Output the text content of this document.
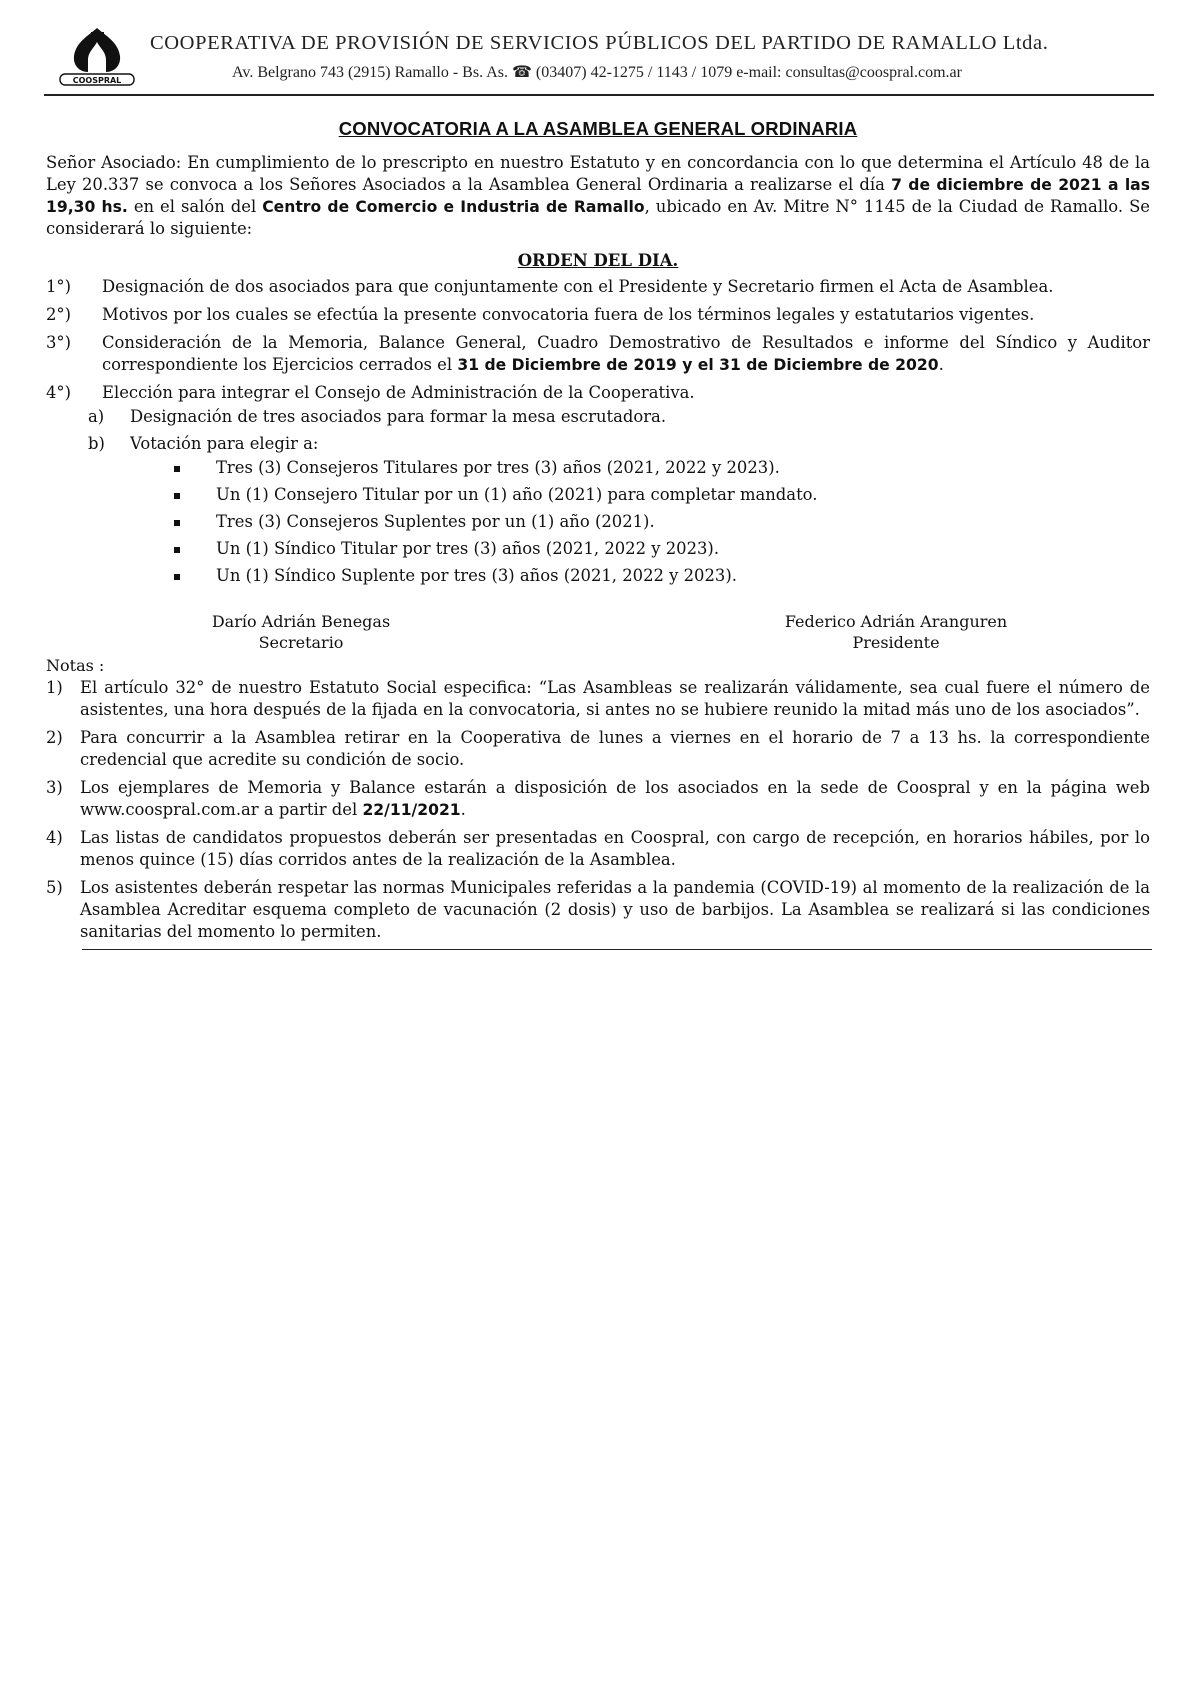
COOSPRAL
COOPERATIVA DE PROVISIÓN DE SERVICIOS PÚBLICOS DEL PARTIDO DE RAMALLO Ltda.
Av. Belgrano 743 (2915) Ramallo - Bs. As. ☎ (03407) 42-1275 / 1143 / 1079 e-mail: consultas@coospral.com.ar
CONVOCATORIA A LA ASAMBLEA GENERAL ORDINARIA

Señor Asociado: En cumplimiento de lo prescripto en nuestro Estatuto y en concordancia con lo que determina el Artículo 48 de la Ley 20.337 se convoca a los Señores Asociados a la Asamblea General Ordinaria a realizarse el día 7 de diciembre de 2021 a las 19,30 hs. en el salón del Centro de Comercio e Industria de Ramallo, ubicado en Av. Mitre N° 1145 de la Ciudad de Ramallo. Se considerará lo siguiente:

ORDEN DEL DIA.
1°) Designación de dos asociados para que conjuntamente con el Presidente y Secretario firmen el Acta de Asamblea.
2°) Motivos por los cuales se efectúa la presente convocatoria fuera de los términos legales y estatutarios vigentes.
3°) Consideración de la Memoria, Balance General, Cuadro Demostrativo de Resultados e informe del Síndico y Auditor correspondiente los Ejercicios cerrados el 31 de Diciembre de 2019 y el 31 de Diciembre de 2020.
4°) Elección para integrar el Consejo de Administración de la Cooperativa.
a) Designación de tres asociados para formar la mesa escrutadora.
b) Votación para elegir a:
Tres (3) Consejeros Titulares por tres (3) años (2021, 2022 y 2023).
Un (1) Consejero Titular por un (1) año (2021) para completar mandato.
Tres (3) Consejeros Suplentes por un (1) año (2021).
Un (1) Síndico Titular por tres (3) años (2021, 2022 y 2023).
Un (1) Síndico Suplente por tres (3) años (2021, 2022 y 2023).
Darío Adrián Benegas
Secretario
Federico Adrián Aranguren
Presidente

Notas :

1) El artículo 32° de nuestro Estatuto Social especifica: “Las Asambleas se realizarán válidamente, sea cual fuere el número de asistentes, una hora después de la fijada en la convocatoria, si antes no se hubiere reunido la mitad más uno de los asociados”.
2) Para concurrir a la Asamblea retirar en la Cooperativa de lunes a viernes en el horario de 7 a 13 hs. la correspondiente credencial que acredite su condición de socio.
3) Los ejemplares de Memoria y Balance estarán a disposición de los asociados en la sede de Coospral y en la página web www.coospral.com.ar a partir del 22/11/2021.
4) Las listas de candidatos propuestos deberán ser presentadas en Coospral, con cargo de recepción, en horarios hábiles, por lo menos quince (15) días corridos antes de la realización de la Asamblea.
5) Los asistentes deberán respetar las normas Municipales referidas a la pandemia (COVID-19) al momento de la realización de la Asamblea Acreditar esquema completo de vacunación (2 dosis) y uso de barbijos. La Asamblea se realizará si las condiciones sanitarias del momento lo permiten.
